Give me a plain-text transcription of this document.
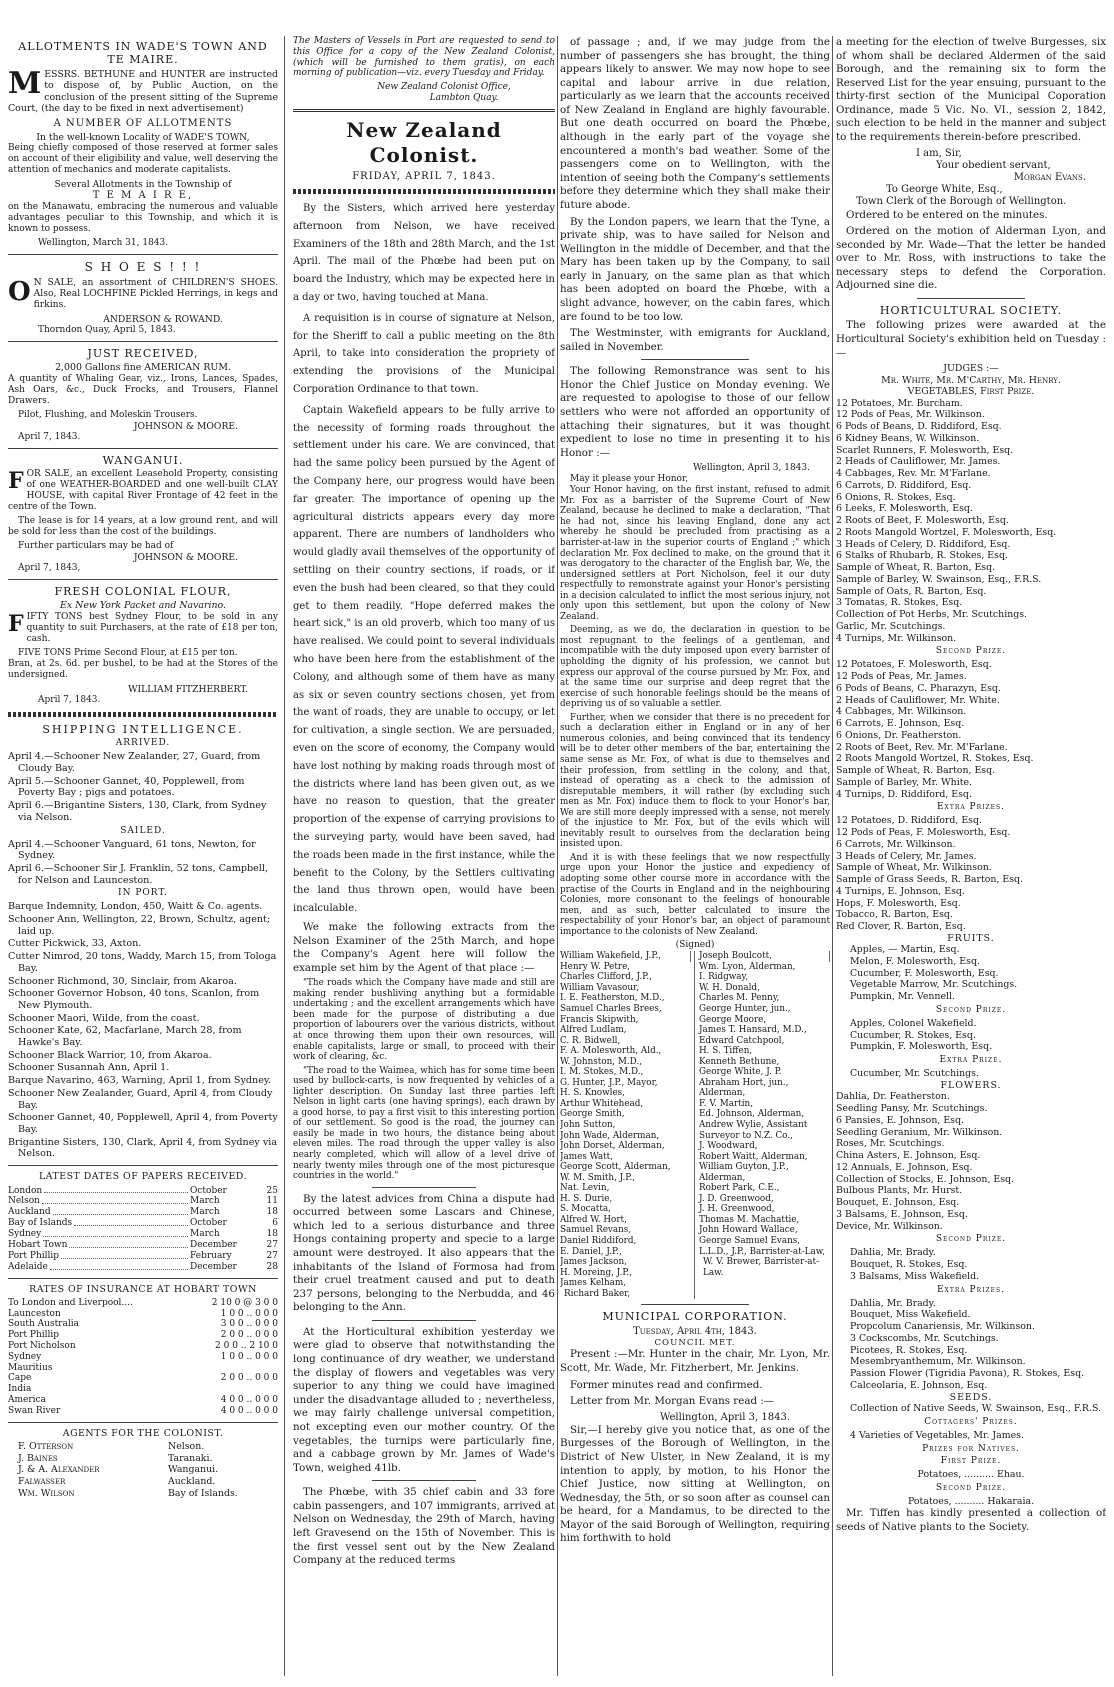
ALLOTMENTS IN WADE'S TOWN AND TE MAIRE.

MESSRS. BETHUNE and HUNTER are instructed to dispose of, by Public Auction, on the conclusion of the present sitting of the Supreme Court, (the day to be fixed in next advertisement)

A NUMBER OF ALLOTMENTS
In the well-known Locality of WADE'S TOWN,

Being chiefly composed of those reserved at former sales on account of their eligibility and value, well deserving the attention of mechanics and moderate capitalists.

Several Allotments in the Township of
T E M A I R E,

on the Manawatu, embracing the numerous and valuable advantages peculiar to this Township, and which it is known to possess.

Wellington, March 31, 1843.
S H O E S ! ! !

O N SALE, an assortment of CHILDREN'S SHOES. Also, Real LOCHFINE Pickled Herrings, in kegs and firkins.

ANDERSON & ROWAND.
Thorndon Quay, April 5, 1843.
JUST RECEIVED,
2,000 Gallons fine AMERICAN RUM.

A quantity of Whaling Gear, viz., Irons, Lances, Spades, Ash Oars, &c., Duck Frocks, and Trousers, Flannel Drawers.

Pilot, Flushing, and Moleskin Trousers.
JOHNSON & MOORE.
April 7, 1843.
WANGANUI.

FOR SALE, an excellent Leasehold Property, consisting of one WEATHER-BOARDED and one well-built CLAY HOUSE, with capital River Frontage of 42 feet in the centre of the Town.

The lease is for 14 years, at a low ground rent, and will be sold for less than the cost of the buildings.

Further particulars may be had of
JOHNSON & MOORE.
April 7, 1843,
FRESH COLONIAL FLOUR,
Ex New York Packet and Navarino.

FIFTY TONS best Sydney Flour, to be sold in any quantity to suit Purchasers, at the rate of £18 per ton, cash.

FIVE TONS Prime Second Flour, at £15 per ton.

Bran, at 2s. 6d. per bushel, to be had at the Stores of the undersigned.

WILLIAM FITZHERBERT.
April 7, 1843.
SHIPPING INTELLIGENCE.
ARRIVED.
April 4.—Schooner New Zealander, 27, Guard, from Cloudy Bay.
April 5.—Schooner Gannet, 40, Popplewell, from Poverty Bay ; pigs and potatoes.
April 6.—Brigantine Sisters, 130, Clark, from Sydney via Nelson.
SAILED.
April 4.—Schooner Vanguard, 61 tons, Newton, for Sydney.
April 6.—Schooner Sir J. Franklin, 52 tons, Campbell, for Nelson and Launceston.
IN PORT.
Barque Indemnity, London, 450, Waitt & Co. agents.
Schooner Ann, Wellington, 22, Brown, Schultz, agent; laid up.
Cutter Pickwick, 33, Axton.
Cutter Nimrod, 20 tons, Waddy, March 15, from Tologa Bay.
Schooner Richmond, 30, Sinclair, from Akaroa.
Schooner Governor Hobson, 40 tons, Scanlon, from New Plymouth.
Schooner Maori, Wilde, from the coast.
Schooner Kate, 62, Macfarlane, March 28, from Hawke's Bay.
Schooner Black Warrior, 10, from Akaroa.
Schooner Susannah Ann, April 1.
Barque Navarino, 463, Warning, April 1, from Sydney.
Schooner New Zealander, Guard, April 4, from Cloudy Bay.
Schooner Gannet, 40, Popplewell, April 4, from Poverty Bay.
Brigantine Sisters, 130, Clark, April 4, from Sydney via Nelson.
LATEST DATES OF PAPERS RECEIVED.
London	October	25
Nelson	March	11
Auckland	March	18
Bay of Islands	October	6
Sydney	March	18
Hobart Town	December	27
Port Phillip	February	27
Adelaide	December	28
RATES OF INSURANCE AT HOBART TOWN
To London and Liverpool....	2 10 0 @ 3 0 0
Launceston	1 0 0 .. 0 0 0
South Australia	3 0 0 .. 0 0 0
Port Phillip	2 0 0 .. 0 0 0
Port Nicholson	2 0 0 .. 2 10 0
Sydney	1 0 0 .. 0 0 0
Mauritius
Cape	2 0 0 .. 0 0 0
India
America	4 0 0 .. 0 0 0
Swan River	4 0 0 .. 0 0 0
AGENTS FOR THE COLONIST.
F. Otterson	Nelson.
J. Baines	Taranaki.
J. & A. Alexander	Wanganui.
Falwasser	Auckland.
Wm. Wilson	Bay of Islands.

The Masters of Vessels in Port are requested to send to this Office for a copy of the New Zealand Colonist, (which will be furnished to them gratis), on each morning of publication—viz. every Tuesday and Friday.

New Zealand Colonist Office,
Lambton Quay.
New Zealand Colonist.
FRIDAY, APRIL 7, 1843.

By the Sisters, which arrived here yesterday afternoon from Nelson, we have received Examiners of the 18th and 28th March, and the 1st April. The mail of the Phœbe had been put on board the Industry, which may be expected here in a day or two, having touched at Mana.

A requisition is in course of signature at Nelson, for the Sheriff to call a public meeting on the 8th April, to take into consideration the propriety of extending the provisions of the Municipal Corporation Ordinance to that town.

Captain Wakefield appears to be fully arrive to the necessity of forming roads throughout the settlement under his care. We are convinced, that had the same policy been pursued by the Agent of the Company here, our progress would have been far greater. The importance of opening up the agricultural districts appears every day more apparent. There are numbers of landholders who would gladly avail themselves of the opportunity of settling on their country sections, if roads, or if even the bush had been cleared, so that they could get to them readily. "Hope deferred makes the heart sick," is an old proverb, which too many of us have realised. We could point to several individuals who have been here from the establishment of the Colony, and although some of them have as many as six or seven country sections chosen, yet from the want of roads, they are unable to occupy, or let for cultivation, a single section. We are persuaded, even on the score of economy, the Company would have lost nothing by making roads through most of the districts where land has been given out, as we have no reason to question, that the greater proportion of the expense of carrying provisions to the surveying party, would have been saved, had the roads been made in the first instance, while the benefit to the Colony, by the Settlers cultivating the land thus thrown open, would have been incalculable.

We make the following extracts from the Nelson Examiner of the 25th March, and hope the Company's Agent here will follow the example set him by the Agent of that place :—

"The roads which the Company have made and still are making render bushliving anything but a formidable undertaking ; and the excellent arrangements which have been made for the purpose of distributing a due proportion of labourers over the various districts, without at once throwing them upon their own resources, will enable capitalists, large or small, to proceed with their work of clearing, &c.

"The road to the Waimea, which has for some time been used by bullock-carts, is now frequented by vehicles of a lighter description. On Sunday last three parties left Nelson in light carts (one having springs), each drawn by a good horse, to pay a first visit to this interesting portion of our settlement. So good is the road, the journey can easily be made in two hours, the distance being about eleven miles. The road through the upper valley is also nearly completed, which will allow of a level drive of nearly twenty miles through one of the most picturesque countries in the world."

By the latest advices from China a dispute had occurred between some Lascars and Chinese, which led to a serious disturbance and three Hongs containing property and specie to a large amount were destroyed. It also appears that the inhabitants of the Island of Formosa had from their cruel treatment caused and put to death 237 persons, belonging to the Nerbudda, and 46 belonging to the Ann.

At the Horticultural exhibition yesterday we were glad to observe that notwithstanding the long continuance of dry weather, we understand the display of flowers and vegetables was very superior to any thing we could have imagined under the disadvantage alluded to ; nevertheless, we may fairly challenge universal competition, not excepting even our mother country. Of the vegetables, the turnips were particularly fine, and a cabbage grown by Mr. James of Wade's Town, weighed 41lb.

The Phœbe, with 35 chief cabin and 33 fore cabin passengers, and 107 immigrants, arrived at Nelson on Wednesday, the 29th of March, having left Gravesend on the 15th of November. This is the first vessel sent out by the New Zealand Company at the reduced terms

of passage ; and, if we may judge from the number of passengers she has brought, the thing appears likely to answer. We may now hope to see capital and labour arrive in due relation, particularly as we learn that the accounts received of New Zealand in England are highly favourable. But one death occurred on board the Phœbe, although in the early part of the voyage she encountered a month's bad weather. Some of the passengers come on to Wellington, with the intention of seeing both the Company's settlements before they determine which they shall make their future abode.

By the London papers, we learn that the Tyne, a private ship, was to have sailed for Nelson and Wellington in the middle of December, and that the Mary has been taken up by the Company, to sail early in January, on the same plan as that which has been adopted on board the Phœbe, with a slight advance, however, on the cabin fares, which are found to be too low.

The Westminster, with emigrants for Auckland, sailed in November.

The following Remonstrance was sent to his Honor the Chief Justice on Monday evening. We are requested to apologise to those of our fellow settlers who were not afforded an opportunity of attaching their signatures, but it was thought expedient to lose no time in presenting it to his Honor :—

Wellington, April 3, 1843.
May it please your Honor,

Your Honor having, on the first instant, refused to admit Mr. Fox as a barrister of the Supreme Court of New Zealand, because he declined to make a declaration, "That he had not, since his leaving England, done any act whereby he should be precluded from practising as a barrister-at-law in the superior courts of England ;" which declaration Mr. Fox declined to make, on the ground that it was derogatory to the character of the English bar, We, the undersigned settlers at Port Nicholson, feel it our duty respectfully to remonstrate against your Honor's persisting in a decision calculated to inflict the most serious injury, not only upon this settlement, but upon the colony of New Zealand.

Deeming, as we do, the declaration in question to be most repugnant to the feelings of a gentleman, and incompatible with the duty imposed upon every barrister of upholding the dignity of his profession, we cannot but express our approval of the course pursued by Mr. Fox, and at the same time our surprise and deep regret that the exercise of such honorable feelings should be the means of depriving us of so valuable a settler.

Further, when we consider that there is no precedent for such a declaration either in England or in any of her numerous colonies, and being convinced that its tendency will be to deter other members of the bar, entertaining the same sense as Mr. Fox, of what is due to themselves and their profession, from settling in the colony, and that, instead of operating as a check to the admission of disreputable members, it will rather (by excluding such men as Mr. Fox) induce them to flock to your Honor's bar, We are still more deeply impressed with a sense, not merely of the injustice to Mr. Fox, but of the evils which will inevitably result to ourselves from the declaration being insisted upon.

And it is with these feelings that we now respectfully urge upon your Honor the justice and expediency of adopting some other course more in accordance with the practise of the Courts in England and in the neighbouring Colonies, more consonant to the feelings of honourable men, and as such, better calculated to insure the respectability of your Honor's bar, an object of paramount importance to the colonists of New Zealand.

(Signed)
William Wakefield, J.P.,
Henry W. Petre,
Charles Clifford, J.P.,
William Vavasour,
I. E. Featherston, M.D.,
Samuel Charles Brees,
Francis Skipwith,
Alfred Ludlam,
C. R. Bidwell,
F. A. Molesworth, Ald.,
W. Johnston, M.D.,
I. M. Stokes, M.D.,
G. Hunter, J.P., Mayor,
H. S. Knowles,
Arthur Whitehead,
George Smith,
John Sutton,
John Wade, Alderman,
John Dorset, Alderman,
James Watt,
George Scott, Alderman,
W. M. Smith, J.P.,
Nat. Levin,
H. S. Durie,
S. Mocatta,
Alfred W. Hort,
Samuel Revans,
Daniel Riddiford,
E. Daniel, J.P.,
James Jackson,
H. Moreing, J.P.,
James Kelham,
Richard Baker,
Joseph Boulcott,
Wm. Lyon, Alderman,
I. Ridgway,
W. H. Donald,
Charles M. Penny,
George Hunter, jun.,
George Moore,
James T. Hansard, M.D.,
Edward Catchpool,
H. S. Tiffen,
Kenneth Bethune,
George White, J. P.
Abraham Hort, jun., Alderman,
F. V. Martin,
Ed. Johnson, Alderman,
Andrew Wylie, Assistant Surveyor to N.Z. Co.,
J. Woodward,
Robert Waitt, Alderman,
William Guyton, J.P., Alderman,
Robert Park, C.E.,
J. D. Greenwood,
J. H. Greenwood,
Thomas M. Machattie,
John Howard Wallace,
George Samuel Evans, L.L.D., J.P., Barrister-at-Law,
W. V. Brewer, Barrister-at-Law.
MUNICIPAL CORPORATION.
Tuesday, April 4th, 1843.
COUNCIL MET.

Present :—Mr. Hunter in the chair, Mr. Lyon, Mr. Scott, Mr. Wade, Mr. Fitzherbert, Mr. Jenkins.

Former minutes read and confirmed.

Letter from Mr. Morgan Evans read :—

Wellington, April 3, 1843.

Sir,—I hereby give you notice that, as one of the Burgesses of the Borough of Wellington, in the District of New Ulster, in New Zealand, it is my intention to apply, by motion, to his Honor the Chief Justice, now sitting at Wellington, on Wednesday, the 5th, or so soon after as counsel can be heard, for a Mandamus, to be directed to the Mayor of the said Borough of Wellington, requiring him forthwith to hold

a meeting for the election of twelve Burgesses, six of whom shall be declared Aldermen of the said Borough, and the remaining six to form the Reserved List for the year ensuing, pursuant to the thirty-first section of the Municipal Coporation Ordinance, made 5 Vic. No. VI., session 2, 1842, such election to be held in the manner and subject to the requirements therein-before prescribed.

I am, Sir,
Your obedient servant,
Morgan Evans.
To George White, Esq.,
Town Clerk of the Borough of Wellington.

Ordered to be entered on the minutes.

Ordered on the motion of Alderman Lyon, and seconded by Mr. Wade—That the letter be handed over to Mr. Ross, with instructions to take the necessary steps to defend the Corporation. Adjourned sine die.

HORTICULTURAL SOCIETY.

The following prizes were awarded at the Horticultural Society's exhibition held on Tuesday :—

JUDGES :—
Mr. White, Mr. M'Carthy, Mr. Henry.
VEGETABLES, First Prize.
12 Potatoes, Mr. Burcham.
12 Pods of Peas, Mr. Wilkinson.
6 Pods of Beans, D. Riddiford, Esq.
6 Kidney Beans, W. Wilkinson.
Scarlet Runners, F. Molesworth, Esq.
2 Heads of Cauliflower, Mr. James.
4 Cabbages, Rev. Mr. M'Farlane.
6 Carrots, D. Riddiford, Esq.
6 Onions, R. Stokes, Esq.
6 Leeks, F. Molesworth, Esq.
2 Roots of Beet, F. Molesworth, Esq.
2 Roots Mangold Wortzel, F. Molesworth, Esq.
3 Heads of Celery, D. Riddiford, Esq.
6 Stalks of Rhubarb, R. Stokes, Esq.
Sample of Wheat, R. Barton, Esq.
Sample of Barley, W. Swainson, Esq., F.R.S.
Sample of Oats, R. Barton, Esq.
3 Tomatas, R. Stokes, Esq.
Collection of Pot Herbs, Mr. Scutchings.
Garlic, Mr. Scutchings.
4 Turnips, Mr. Wilkinson.
Second Prize.
12 Potatoes, F. Molesworth, Esq.
12 Pods of Peas, Mr. James.
6 Pods of Beans, C. Pharazyn, Esq.
2 Heads of Cauliflower, Mr. White.
4 Cabbages, Mr. Wilkinson.
6 Carrots, E. Johnson, Esq.
6 Onions, Dr. Featherston.
2 Roots of Beet, Rev. Mr. M'Farlane.
2 Roots Mangold Wortzel, R. Stokes, Esq.
Sample of Wheat, R. Barton, Esq.
Sample of Barley, Mr. White.
4 Turnips, D. Riddiford, Esq.
Extra Prizes.
12 Potatoes, D. Riddiford, Esq.
12 Pods of Peas, F. Molesworth, Esq.
6 Carrots, Mr. Wilkinson.
3 Heads of Celery, Mr. James.
Sample of Wheat, Mr. Wilkinson.
Sample of Grass Seeds, R. Barton, Esq.
4 Turnips, E. Johnson, Esq.
Hops, F. Molesworth, Esq.
Tobacco, R. Barton, Esq.
Red Clover, R. Barton, Esq.
FRUITS.
Apples, — Martin, Esq.
Melon, F. Molesworth, Esq.
Cucumber, F. Molesworth, Esq.
Vegetable Marrow, Mr. Scutchings.
Pumpkin, Mr. Vennell.
Second Prize.
Apples, Colonel Wakefield.
Cucumber, R. Stokes, Esq.
Pumpkin, F. Molesworth, Esq.
Extra Prize.
Cucumber, Mr. Scutchings.
FLOWERS.
Dahlia, Dr. Featherston.
Seedling Pansy, Mr. Scutchings.
6 Pansies, E. Johnson, Esq.
Seedling Geranium, Mr. Wilkinson.
Roses, Mr. Scutchings.
China Asters, E. Johnson, Esq.
12 Annuals, E. Johnson, Esq.
Collection of Stocks, E. Johnson, Esq.
Bulbous Plants, Mr. Hurst.
Bouquet, E. Johnson, Esq.
3 Balsams, E. Johnson, Esq.
Device, Mr. Wilkinson.
Second Prize.
Dahlia, Mr. Brady.
Bouquet, R. Stokes, Esq.
3 Balsams, Miss Wakefield.
Extra Prizes.
Dahlia, Mr. Brady.
Bouquet, Miss Wakefield.
Propcolum Canariensis, Mr. Wilkinson.
3 Cockscombs, Mr. Scutchings.
Picotees, R. Stokes, Esq.
Mesembryanthemum, Mr. Wilkinson.
Passion Flower (Tigridia Pavona), R. Stokes, Esq.
Calceolaria, E. Johnson, Esq.
SEEDS.
Collection of Native Seeds, W. Swainson, Esq., F.R.S.
Cottagers' Prizes.
4 Varieties of Vegetables, Mr. James.
Prizes for Natives.
First Prize.
Potatoes, .......... Ehau.
Second Prize.
Potatoes, .......... Hakaraia.

Mr. Tiffen has kindly presented a collection of seeds of Native plants to the Society.
